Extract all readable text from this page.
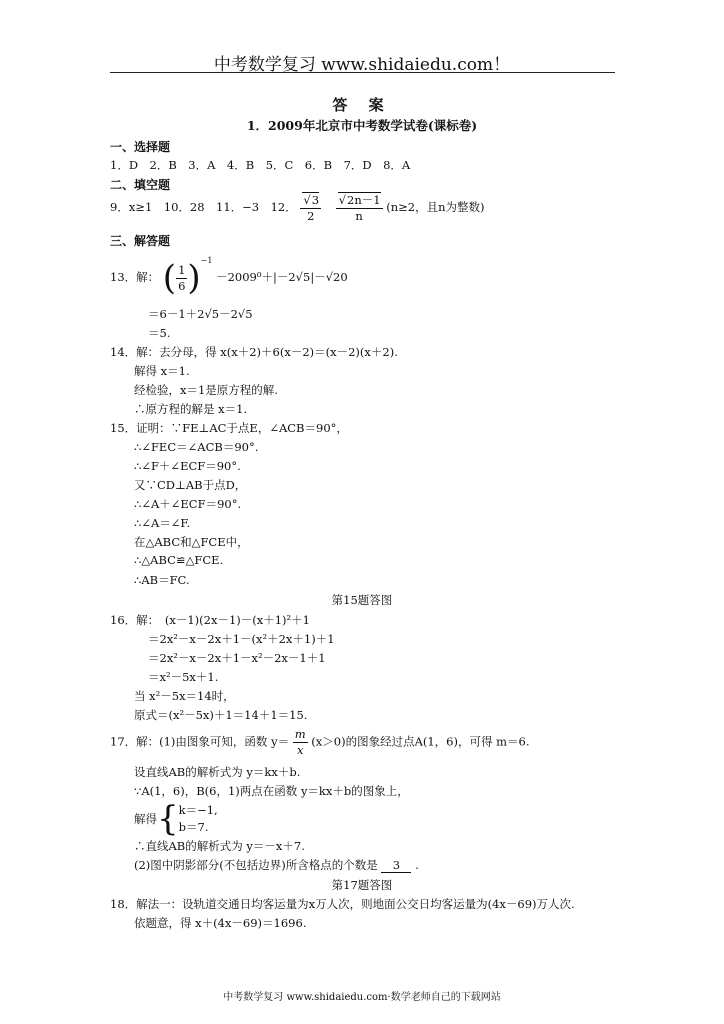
中考数学复习 www.shidaiedu.com！
答 案
1．2009年北京市中考数学试卷(课标卷)
一、选择题
1．D　2．B　3．A　4．B　5．C　6．B　7．D　8．A
二、填空题
9．x≥1　10．28　11．−3　12． √ $\frac{3}{2}$
√ $\frac{2n-1}{n} (n\ge 2$，且n为整数)
三、解答题
13．解： ( $\frac{1}{6} )^{-1} -2009^0+|-2√5|-√20$
＝6－1＋2√5－2√5
＝5.
14．解：去分母，得 x(x＋2)＋6(x－2)＝(x－2)(x＋2).
解得 x＝1.
经检验，x＝1是原方程的解.
∴原方程的解是 x＝1.
15．证明：∵FE⊥AC于点E，∠ACB＝90°，
∴∠FEC＝∠ACB＝90°.
∴∠F＋∠ECF＝90°.
又∵CD⊥AB于点D，
∴∠A＋∠ECF＝90°.
∴∠A＝∠F.
在△ABC和△FCE中，
∴△ABC≌△FCE.
∴AB＝FC.
第15题答图
16．解：　(x－1)(2x－1)－(x＋1)²＋1
＝2x²－x－2x＋1－(x²＋2x＋1)＋1
＝2x²－x－2x＋1－x²－2x－1＋1
＝x²－5x＋1.
当 x²－5x＝14时，
原式＝(x²－5x)＋1＝14＋1＝15.
17．解：(1)由图象可知，函数 $y= \frac{m}{x} (x>0)$的图象经过点A(1，6)，可得 m＝6.
设直线AB的解析式为 y＝kx＋b.
∵A(1，6)，B(6，1)两点在函数 y＝kx＋b的图象上，
解得{ k＝−1,
b＝7.
∴直线AB的解析式为 y＝－x＋7.
(2)图中阴影部分(不包括边界)所含格点的个数是 3 .
第17题答图
18．解法一：设轨道交通日均客运量为x万人次，则地面公交日均客运量为(4x－69)万人次.
依题意，得 x＋(4x－69)＝1696.
中考数学复习 www.shidaiedu.com·数学老师自己的下载网站
